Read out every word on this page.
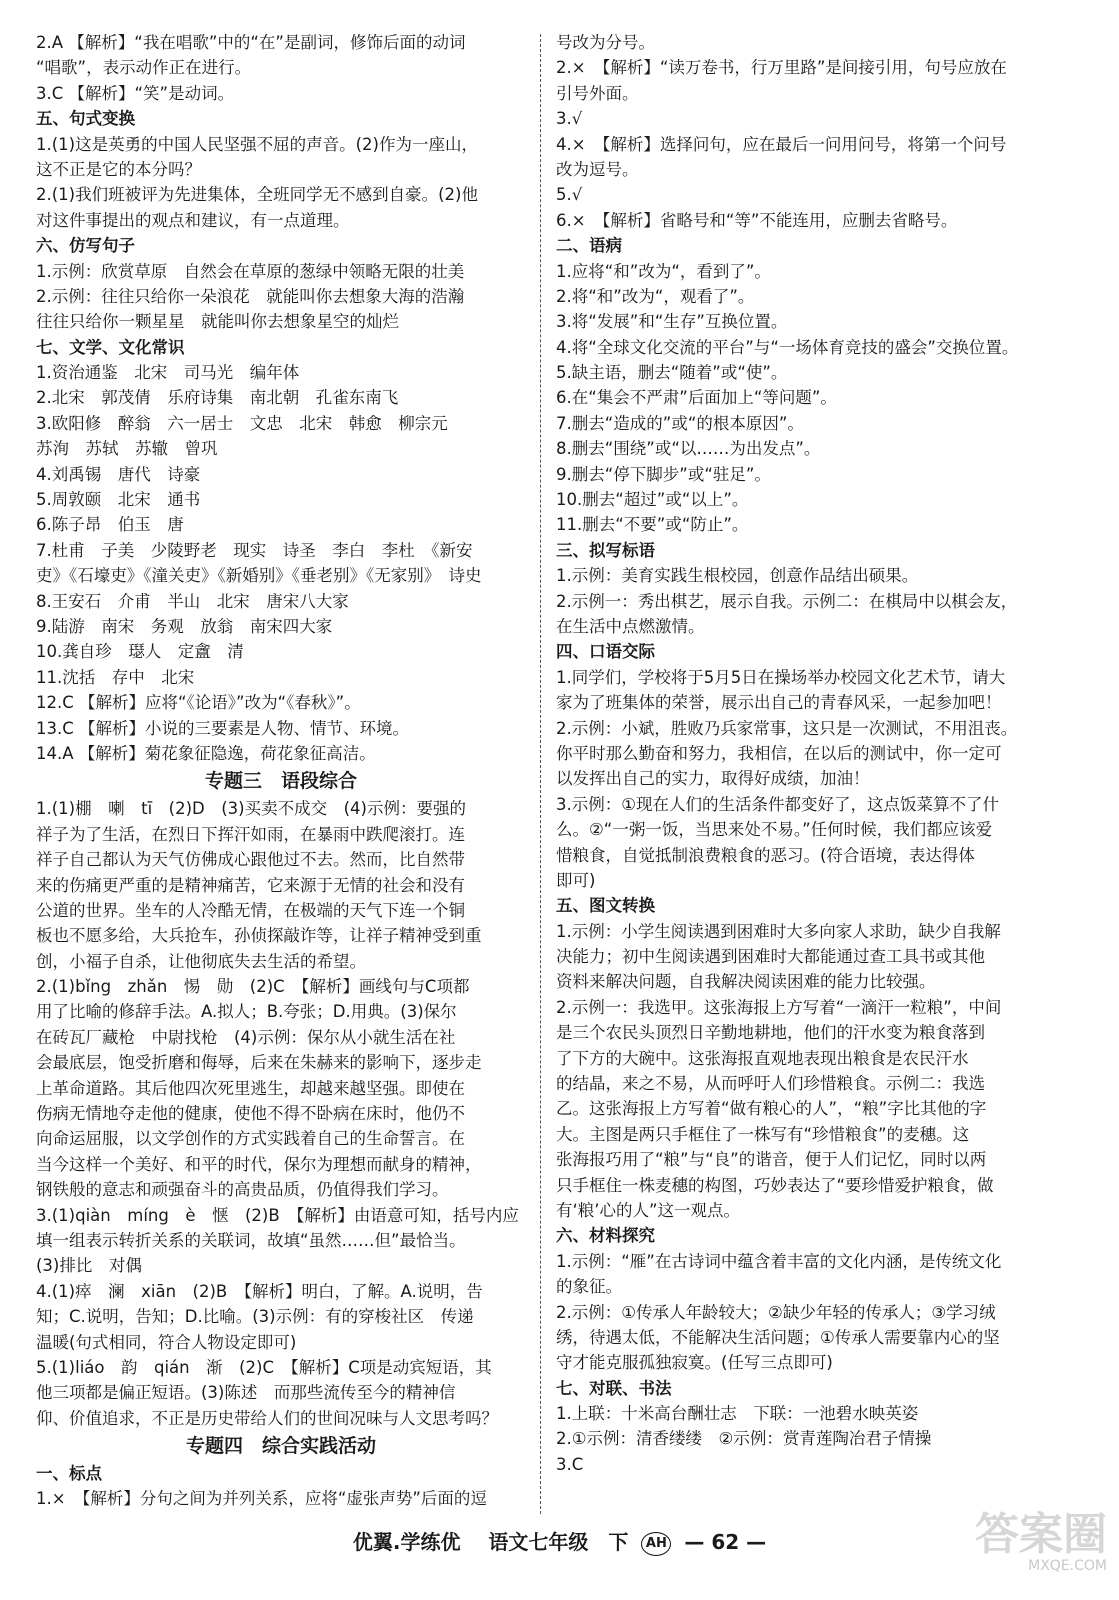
2.A 【解析】“我在唱歌”中的“在”是副词，修饰后面的动词
“唱歌”，表示动作正在进行。
3.C 【解析】“笑”是动词。
五、句式变换
1.(1)这是英勇的中国人民坚强不屈的声音。(2)作为一座山，
这不正是它的本分吗？
2.(1)我们班被评为先进集体，全班同学无不感到自豪。(2)他
对这件事提出的观点和建议，有一点道理。
六、仿写句子
1.示例：欣赏草原　自然会在草原的葱绿中领略无限的壮美
2.示例：往往只给你一朵浪花　就能叫你去想象大海的浩瀚
往往只给你一颗星星　就能叫你去想象星空的灿烂
七、文学、文化常识
1.资治通鉴　北宋　司马光　编年体
2.北宋　郭茂倩　乐府诗集　南北朝　孔雀东南飞
3.欧阳修　醉翁　六一居士　文忠　北宋　韩愈　柳宗元
苏洵　苏轼　苏辙　曾巩
4.刘禹锡　唐代　诗豪
5.周敦颐　北宋　通书
6.陈子昂　伯玉　唐
7.杜甫　子美　少陵野老　现实　诗圣　李白　李杜　《新安
吏》《石壕吏》《潼关吏》《新婚别》《垂老别》《无家别》　诗史
8.王安石　介甫　半山　北宋　唐宋八大家
9.陆游　南宋　务观　放翁　南宋四大家
10.龚自珍　璱人　定盦　清
11.沈括　存中　北宋
12.C 【解析】应将“《论语》”改为“《春秋》”。
13.C 【解析】小说的三要素是人物、情节、环境。
14.A 【解析】菊花象征隐逸，荷花象征高洁。
专题三　语段综合
1.(1)棚　喇　tī　(2)D　(3)买卖不成交　(4)示例：要强的
祥子为了生活，在烈日下挥汗如雨，在暴雨中跌爬滚打。连
祥子自己都认为天气仿佛成心跟他过不去。然而，比自然带
来的伤痛更严重的是精神痛苦，它来源于无情的社会和没有
公道的世界。坐车的人冷酷无情，在极端的天气下连一个铜
板也不愿多给，大兵抢车，孙侦探敲诈等，让祥子精神受到重
创，小福子自杀，让他彻底失去生活的希望。
2.(1)bǐng　zhǎn　惕　勋　(2)C　【解析】画线句与C项都
用了比喻的修辞手法。A.拟人；B.夸张；D.用典。(3)保尔
在砖瓦厂藏枪　中尉找枪　(4)示例：保尔从小就生活在社
会最底层，饱受折磨和侮辱，后来在朱赫来的影响下，逐步走
上革命道路。其后他四次死里逃生，却越来越坚强。即使在
伤病无情地夺走他的健康，使他不得不卧病在床时，他仍不
向命运屈服，以文学创作的方式实践着自己的生命誓言。在
当今这样一个美好、和平的时代，保尔为理想而献身的精神，
钢铁般的意志和顽强奋斗的高贵品质，仍值得我们学习。
3.(1)qiàn　míng　è　惬　(2)B　【解析】由语意可知，括号内应
填一组表示转折关系的关联词，故填“虽然……但”最恰当。
(3)排比　对偶
4.(1)瘁　澜　xiān　(2)B　【解析】明白，了解。A.说明，告
知；C.说明，告知；D.比喻。(3)示例：有的穿梭社区　传递
温暖(句式相同，符合人物设定即可)
5.(1)liáo　韵　qián　渐　(2)C　【解析】C项是动宾短语，其
他三项都是偏正短语。(3)陈述　而那些流传至今的精神信
仰、价值追求，不正是历史带给人们的世间况味与人文思考吗？
专题四　综合实践活动
一、标点
1.×　【解析】分句之间为并列关系，应将“虚张声势”后面的逗
号改为分号。
2.×　【解析】“读万卷书，行万里路”是间接引用，句号应放在
引号外面。
3.√
4.×　【解析】选择问句，应在最后一问用问号，将第一个问号
改为逗号。
5.√
6.×　【解析】省略号和“等”不能连用，应删去省略号。
二、语病
1.应将“和”改为“，看到了”。
2.将“和”改为“，观看了”。
3.将“发展”和“生存”互换位置。
4.将“全球文化交流的平台”与“一场体育竞技的盛会”交换位置。
5.缺主语，删去“随着”或“使”。
6.在“集会不严肃”后面加上“等问题”。
7.删去“造成的”或“的根本原因”。
8.删去“围绕”或“以……为出发点”。
9.删去“停下脚步”或“驻足”。
10.删去“超过”或“以上”。
11.删去“不要”或“防止”。
三、拟写标语
1.示例：美育实践生根校园，创意作品结出硕果。
2.示例一：秀出棋艺，展示自我。示例二：在棋局中以棋会友，
在生活中点燃激情。
四、口语交际
1.同学们，学校将于5月5日在操场举办校园文化艺术节，请大
家为了班集体的荣誉，展示出自己的青春风采，一起参加吧！
2.示例：小斌，胜败乃兵家常事，这只是一次测试，不用沮丧。
你平时那么勤奋和努力，我相信，在以后的测试中，你一定可
以发挥出自己的实力，取得好成绩，加油！
3.示例：①现在人们的生活条件都变好了，这点饭菜算不了什
么。②“一粥一饭，当思来处不易。”任何时候，我们都应该爱
惜粮食，自觉抵制浪费粮食的恶习。(符合语境，表达得体
即可)
五、图文转换
1.示例：小学生阅读遇到困难时大多向家人求助，缺少自我解
决能力；初中生阅读遇到困难时大都能通过查工具书或其他
资料来解决问题，自我解决阅读困难的能力比较强。
2.示例一：我选甲。这张海报上方写着“一滴汗一粒粮”，中间
是三个农民头顶烈日辛勤地耕地，他们的汗水变为粮食落到
了下方的大碗中。这张海报直观地表现出粮食是农民汗水
的结晶，来之不易，从而呼吁人们珍惜粮食。示例二：我选
乙。这张海报上方写着“做有粮心的人”，“粮”字比其他的字
大。主图是两只手框住了一株写有“珍惜粮食”的麦穗。这
张海报巧用了“粮”与“良”的谐音，便于人们记忆，同时以两
只手框住一株麦穗的构图，巧妙表达了“要珍惜爱护粮食，做
有‘粮’心的人”这一观点。
六、材料探究
1.示例：“雁”在古诗词中蕴含着丰富的文化内涵，是传统文化
的象征。
2.示例：①传承人年龄较大；②缺少年轻的传承人；③学习绒
绣，待遇太低，不能解决生活问题；①传承人需要靠内心的坚
守才能克服孤独寂寞。(任写三点即可)
七、对联、书法
1.上联：十米高台酬壮志　下联：一池碧水映英姿
2.①示例：清香缕缕　②示例：赏青莲陶冶君子情操
3.C
优翼.学练优 语文七年级　下 AH — 62 —	答案圈
MXQE.COM
